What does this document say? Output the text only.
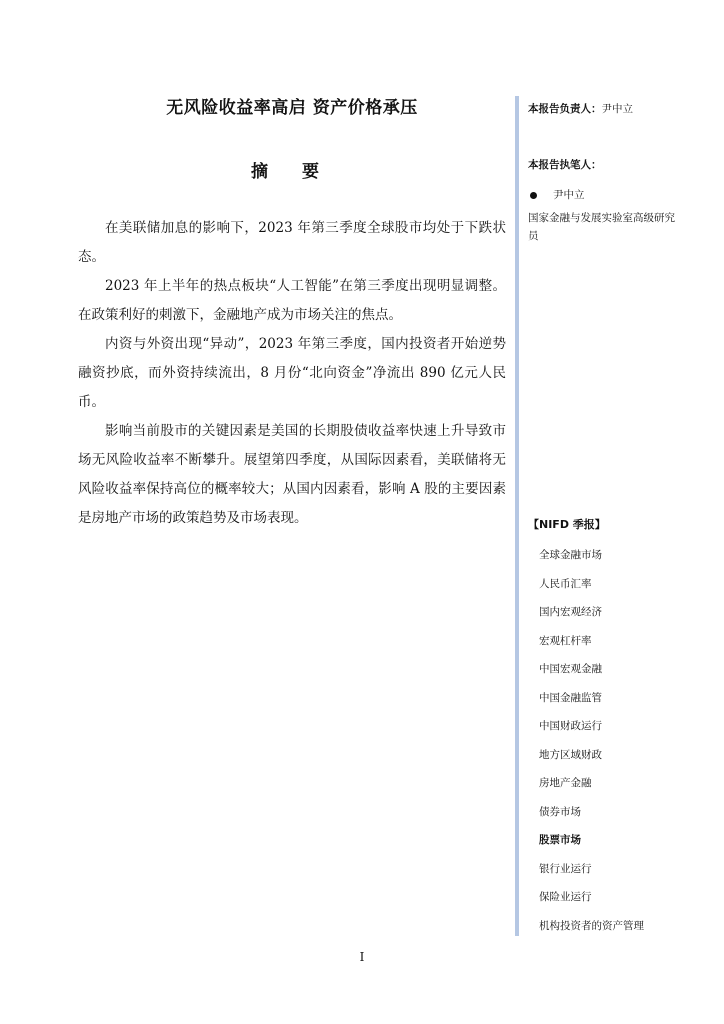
无风险收益率高启 资产价格承压
摘 要

在美联储加息的影响下，2023 年第三季度全球股市均处于下跌状态。

2023 年上半年的热点板块“人工智能”在第三季度出现明显调整。在政策利好的刺激下，金融地产成为市场关注的焦点。

内资与外资出现“异动”，2023 年第三季度，国内投资者开始逆势融资抄底，而外资持续流出，8 月份“北向资金”净流出 890 亿元人民币。

影响当前股市的关键因素是美国的长期股债收益率快速上升导致市场无风险收益率不断攀升。展望第四季度，从国际因素看，美联储将无风险收益率保持高位的概率较大；从国内因素看，影响 A 股的主要因素是房地产市场的政策趋势及市场表现。

本报告负责人：尹中立
本报告执笔人：
尹中立
国家金融与发展实验室高级研究员
【NIFD 季报】
全球金融市场
人民币汇率
国内宏观经济
宏观杠杆率
中国宏观金融
中国金融监管
中国财政运行
地方区域财政
房地产金融
债券市场
股票市场
银行业运行
保险业运行
机构投资者的资产管理
I
